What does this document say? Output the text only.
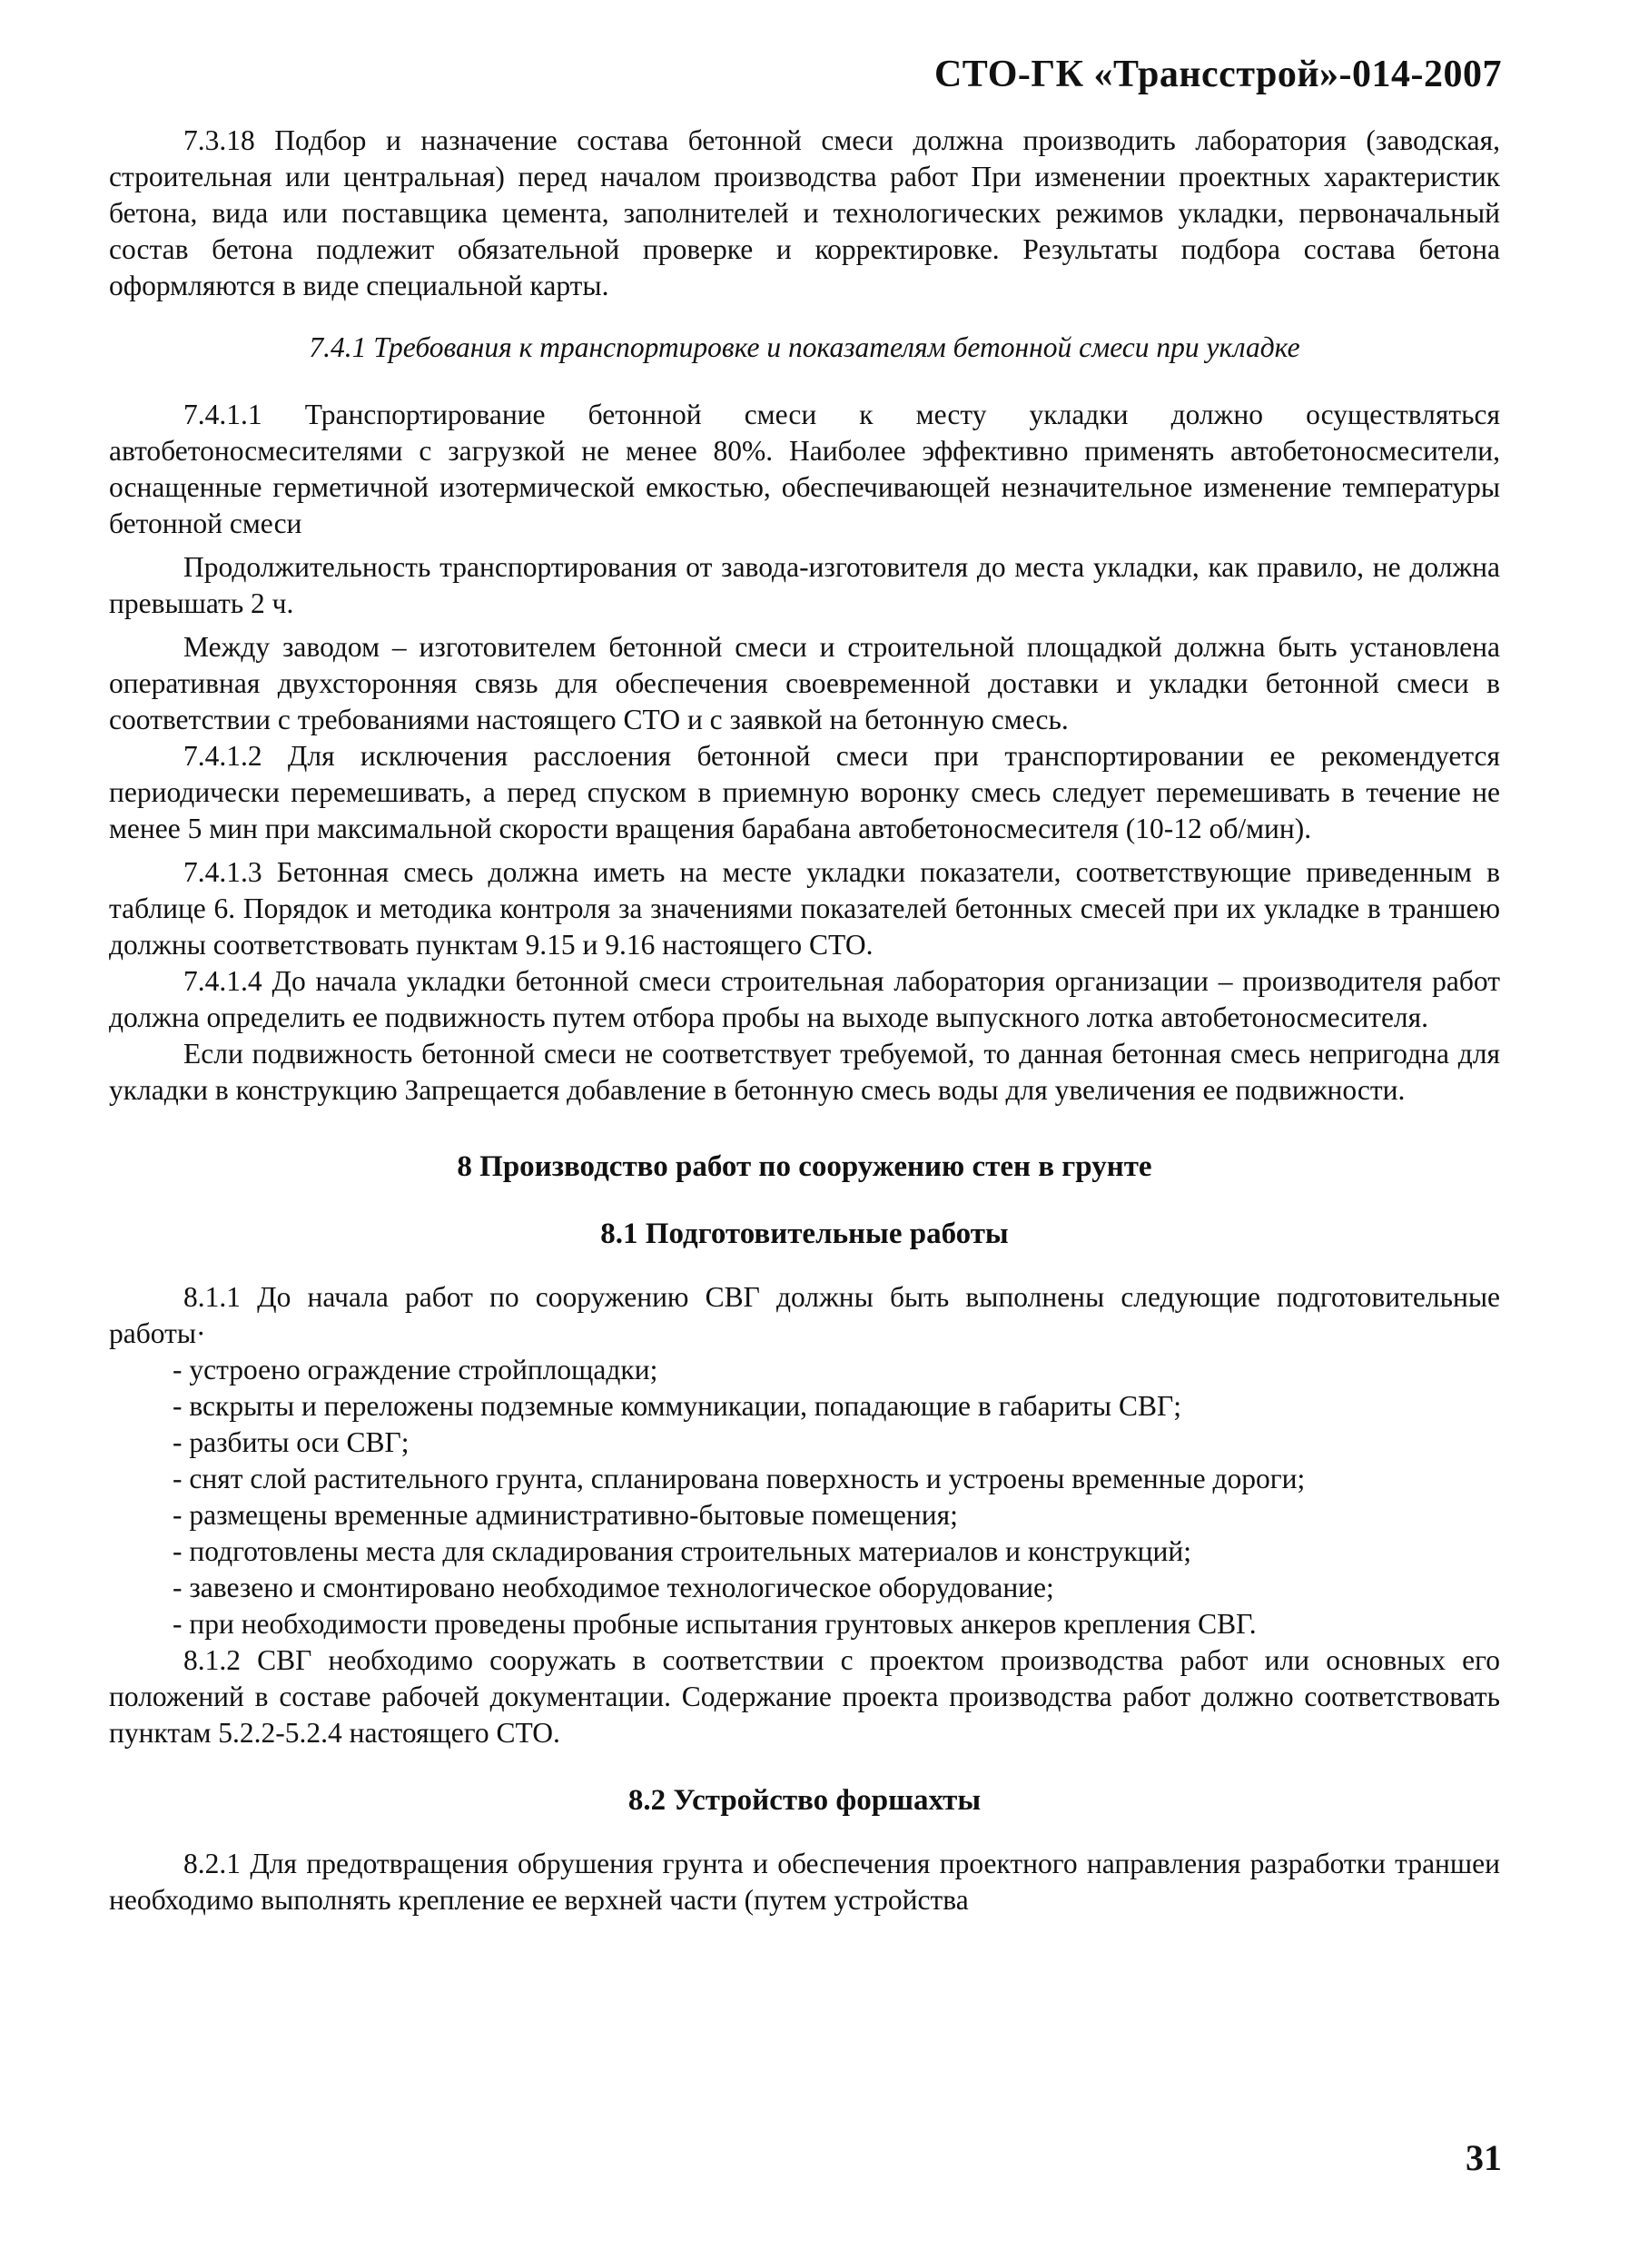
СТО-ГК «Трансстрой»-014-2007

7.3.18 Подбор и назначение состава бетонной смеси должна производить лаборатория (заводская, строительная или центральная) перед началом производства работ При изменении проектных характеристик бетона, вида или поставщика цемента, заполнителей и технологических режимов укладки, первоначальный состав бетона подлежит обязательной проверке и корректировке. Результаты подбора состава бетона оформляются в виде специальной карты.

7.4.1 Требования к транспортировке и показателям бетонной смеси при укладке

7.4.1.1 Транспортирование бетонной смеси к месту укладки должно осуществляться автобетоносмесителями с загрузкой не менее 80%. Наиболее эффективно применять автобетоносмесители, оснащенные герметичной изотермической емкостью, обеспечивающей незначительное изменение температуры бетонной смеси

Продолжительность транспортирования от завода-изготовителя до места укладки, как правило, не должна превышать 2 ч.

Между заводом – изготовителем бетонной смеси и строительной площадкой должна быть установлена оперативная двухсторонняя связь для обеспечения своевременной доставки и укладки бетонной смеси в соответствии с требованиями настоящего СТО и с заявкой на бетонную смесь.

7.4.1.2 Для исключения расслоения бетонной смеси при транспортировании ее рекомендуется периодически перемешивать, а перед спуском в приемную воронку смесь следует перемешивать в течение не менее 5 мин при максимальной скорости вращения барабана автобетоносмесителя (10-12 об/мин).

7.4.1.3 Бетонная смесь должна иметь на месте укладки показатели, соответствующие приведенным в таблице 6. Порядок и методика контроля за значениями показателей бетонных смесей при их укладке в траншею должны соответствовать пунктам 9.15 и 9.16 настоящего СТО.

7.4.1.4 До начала укладки бетонной смеси строительная лаборатория организации – производителя работ должна определить ее подвижность путем отбора пробы на выходе выпускного лотка автобетоносмесителя.

Если подвижность бетонной смеси не соответствует требуемой, то данная бетонная смесь непригодна для укладки в конструкцию Запрещается добавление в бетонную смесь воды для увеличения ее подвижности.

8 Производство работ по сооружению стен в грунте
8.1 Подготовительные работы

8.1.1 До начала работ по сооружению СВГ должны быть выполнены следующие подготовительные работы·

- устроено ограждение стройплощадки;
- вскрыты и переложены подземные коммуникации, попадающие в габариты СВГ;
- разбиты оси СВГ;
- снят слой растительного грунта, спланирована поверхность и устроены временные дороги;
- размещены временные административно-бытовые помещения;
- подготовлены места для складирования строительных материалов и конструкций;
- завезено и смонтировано необходимое технологическое оборудование;
- при необходимости проведены пробные испытания грунтовых анкеров крепления СВГ.

8.1.2 СВГ необходимо сооружать в соответствии с проектом производства работ или основных его положений в составе рабочей документации. Содержание проекта производства работ должно соответствовать пунктам 5.2.2-5.2.4 настоящего СТО.

8.2 Устройство форшахты

8.2.1 Для предотвращения обрушения грунта и обеспечения проектного направления разработки траншеи необходимо выполнять крепление ее верхней части (путем устройства

31
